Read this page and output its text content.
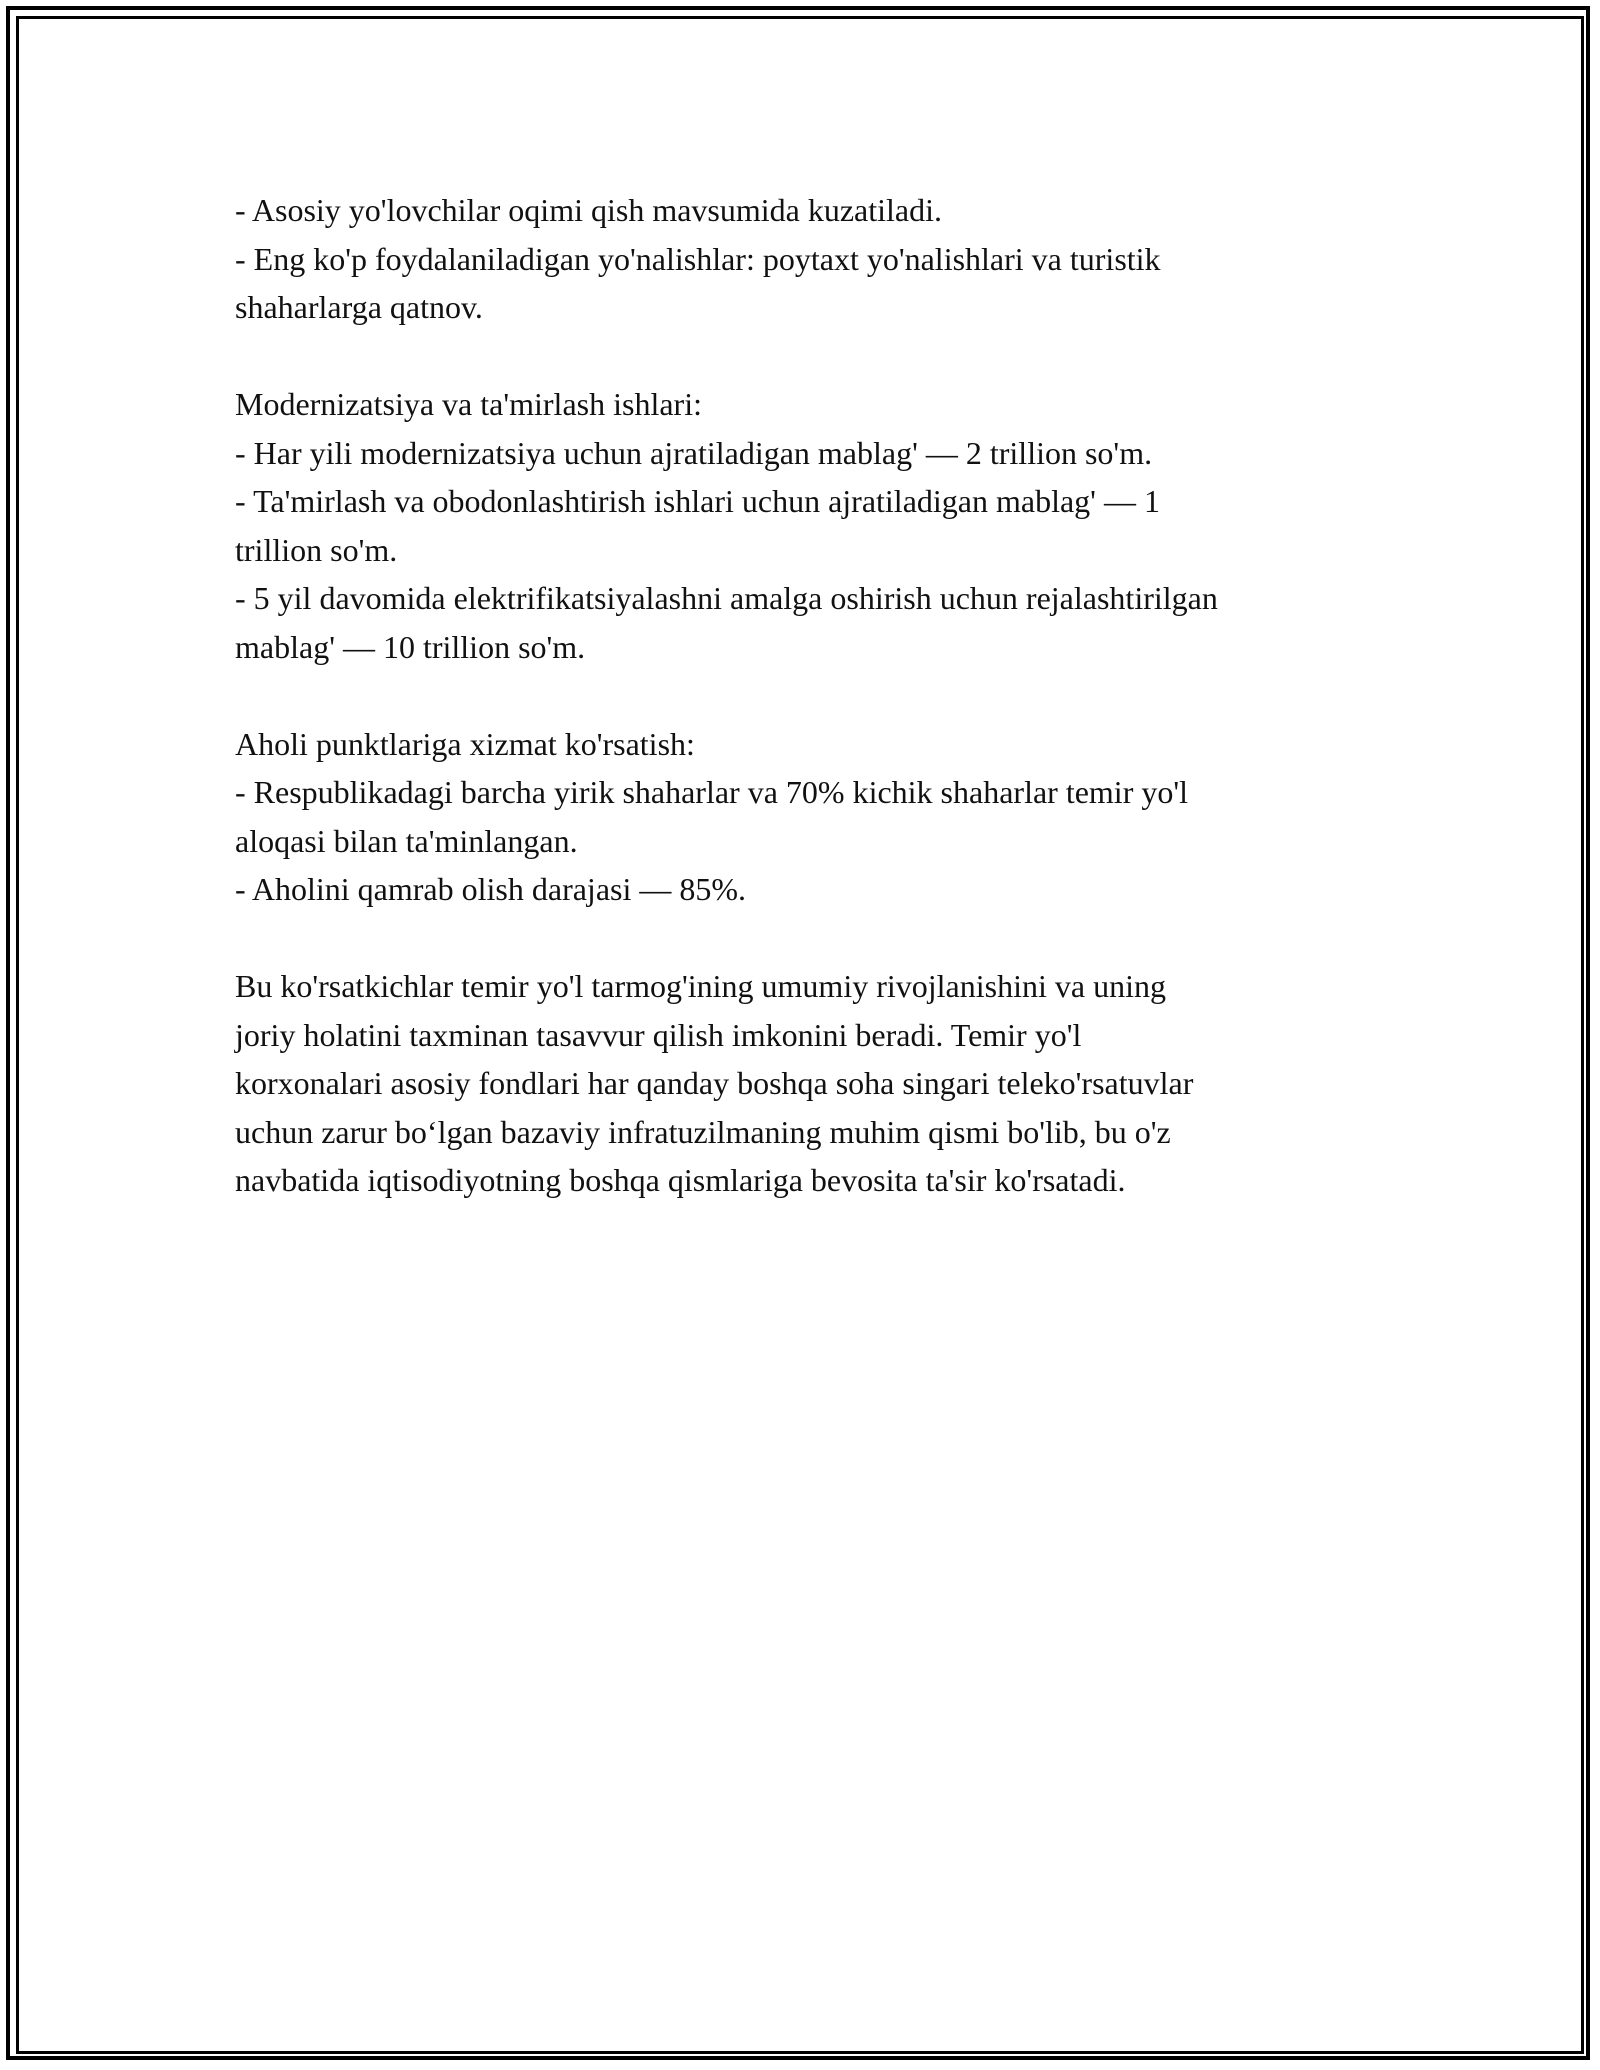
- Asosiy yo'lovchilar oqimi qish mavsumida kuzatiladi.
- Eng ko'p foydalaniladigan yo'nalishlar: poytaxt yo'nalishlari va turistik
shaharlarga qatnov.

Modernizatsiya va ta'mirlash ishlari:
- Har yili modernizatsiya uchun ajratiladigan mablag' — 2 trillion so'm.
- Ta'mirlash va obodonlashtirish ishlari uchun ajratiladigan mablag' — 1
trillion so'm.
- 5 yil davomida elektrifikatsiyalashni amalga oshirish uchun rejalashtirilgan
mablag' — 10 trillion so'm.

Aholi punktlariga xizmat ko'rsatish:
- Respublikadagi barcha yirik shaharlar va 70% kichik shaharlar temir yo'l
aloqasi bilan ta'minlangan.
- Aholini qamrab olish darajasi — 85%.

Bu ko'rsatkichlar temir yo'l tarmog'ining umumiy rivojlanishini va uning
joriy holatini taxminan tasavvur qilish imkonini beradi. Temir yo'l
korxonalari asosiy fondlari har qanday boshqa soha singari teleko'rsatuvlar
uchun zarur bo‘lgan bazaviy infratuzilmaning muhim qismi bo'lib, bu o'z
navbatida iqtisodiyotning boshqa qismlariga bevosita ta'sir ko'rsatadi.
